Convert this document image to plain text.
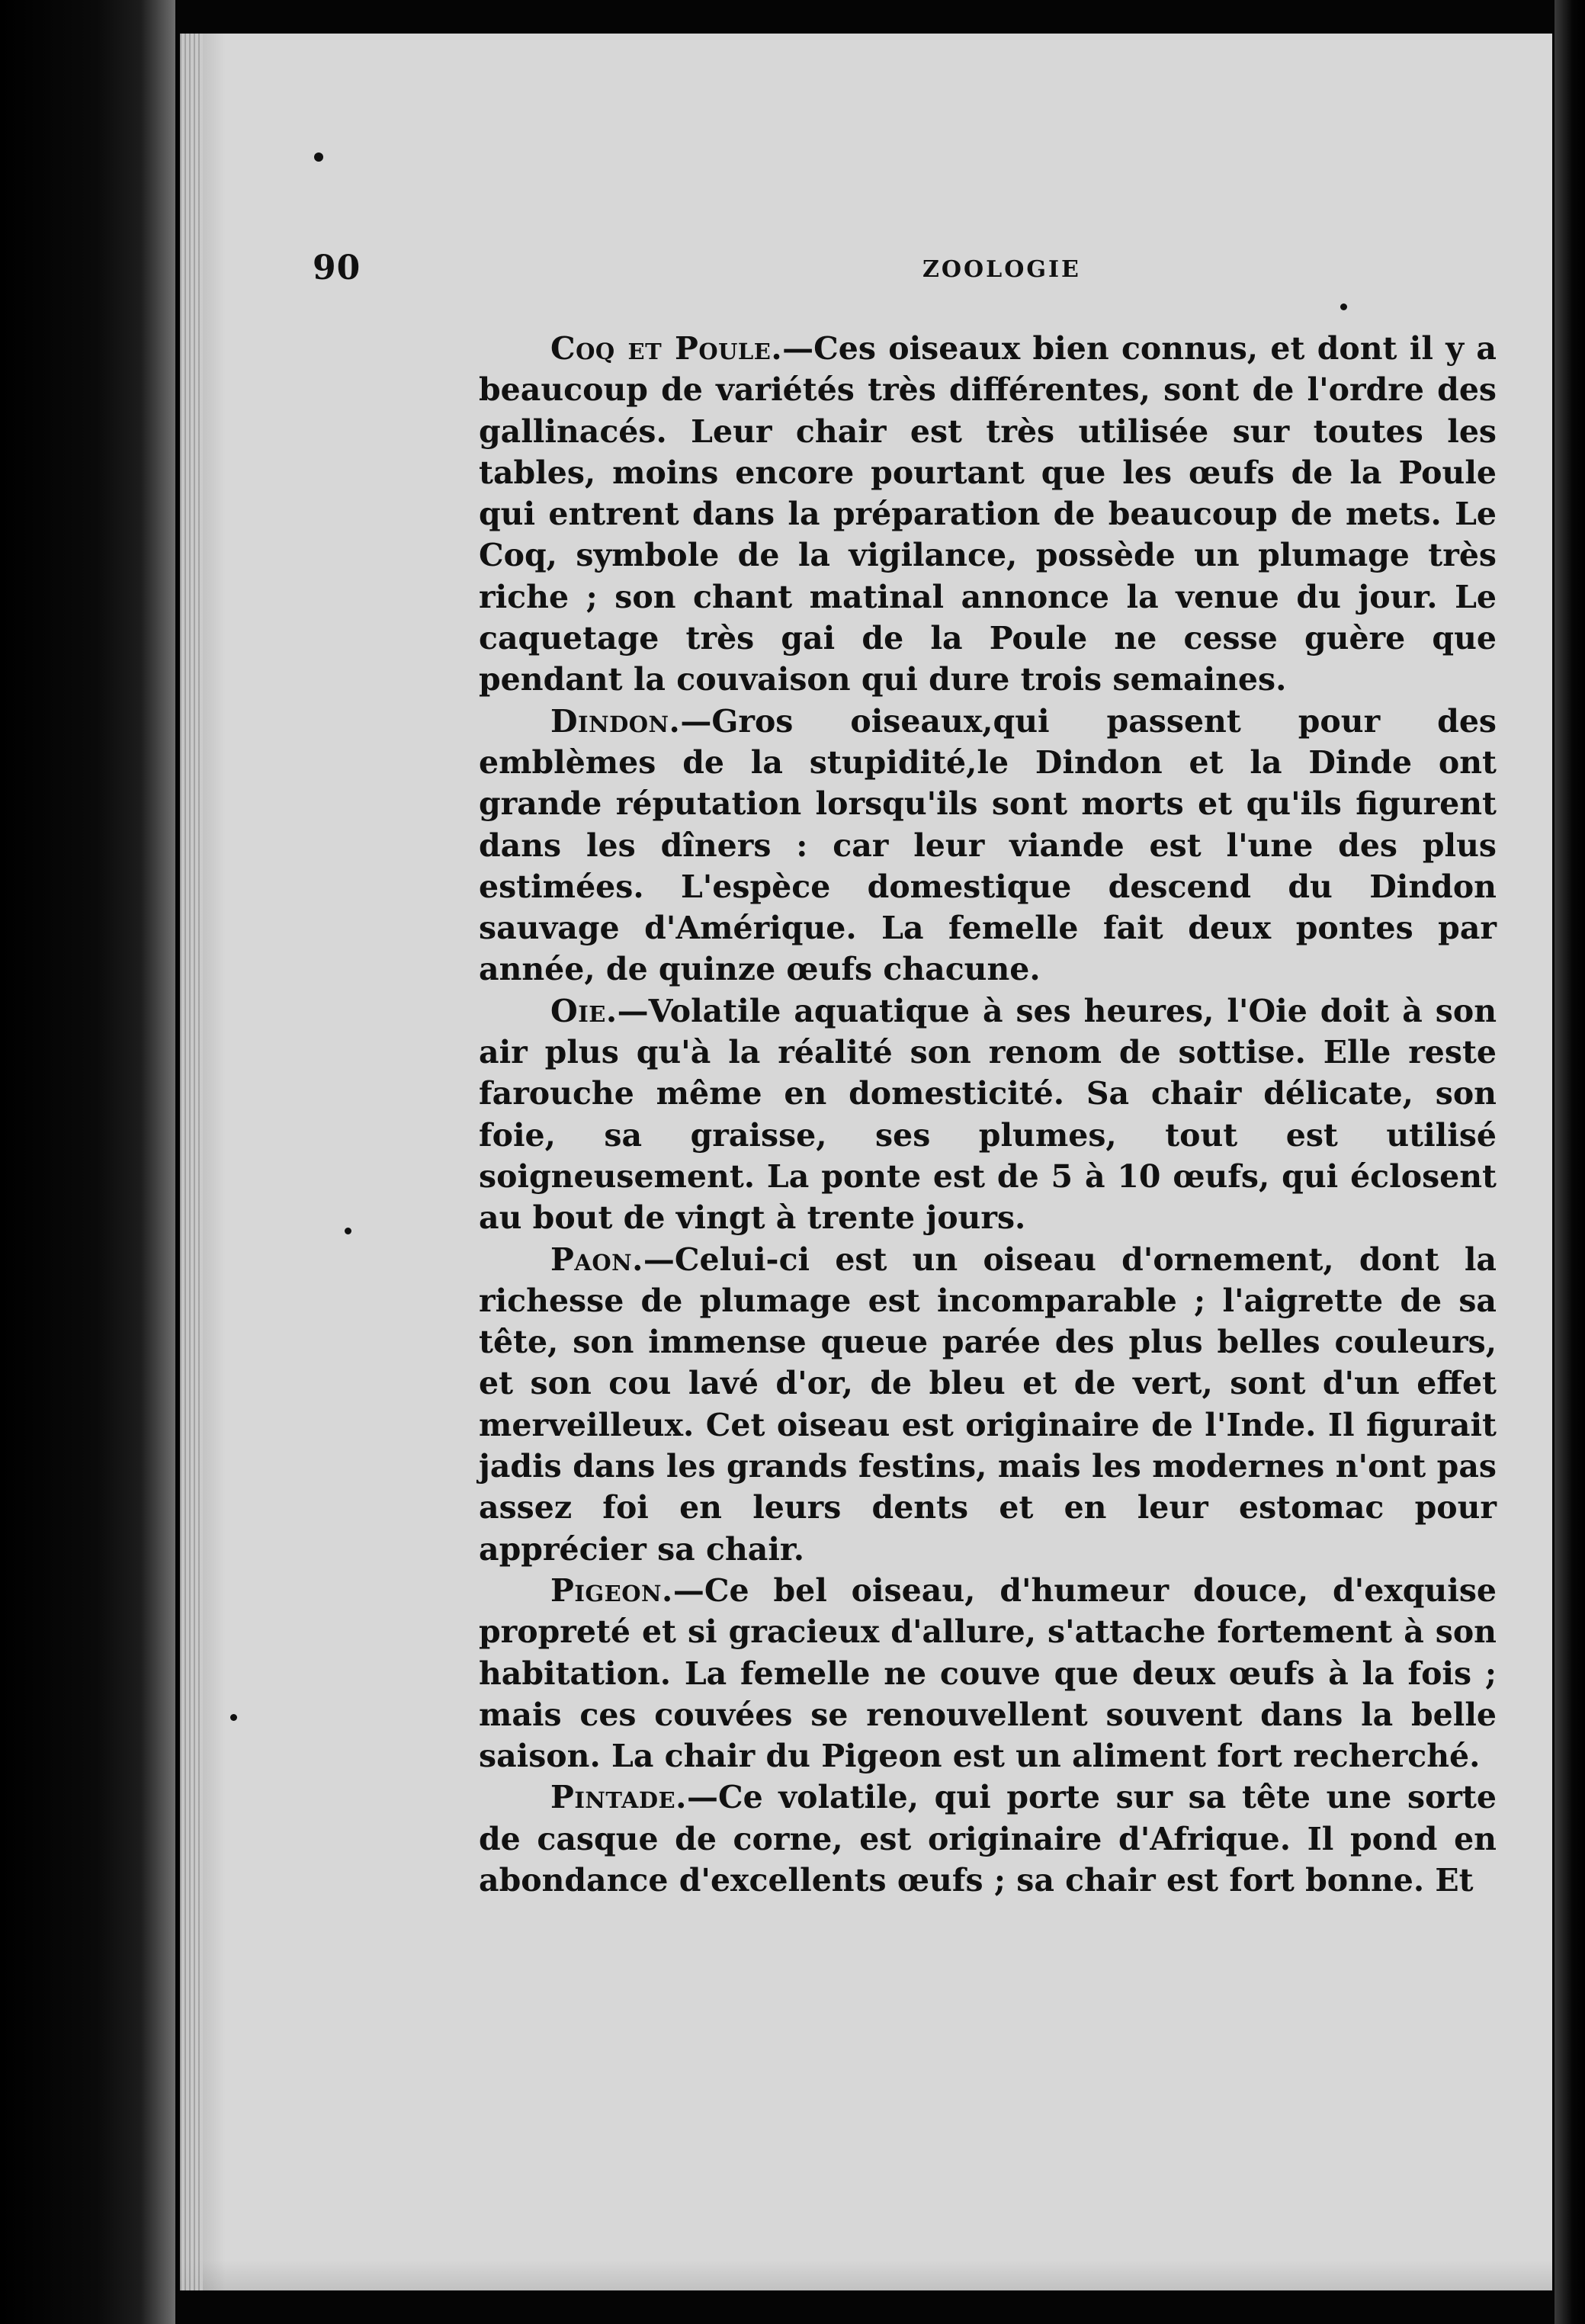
90	ZOOLOGIE

Coq et Poule.—Ces oiseaux bien connus, et dont il y a beaucoup de variétés très différentes, sont de l'ordre des gallinacés. Leur chair est très utilisée sur toutes les tables, moins encore pourtant que les œufs de la Poule qui entrent dans la préparation de beaucoup de mets. Le Coq, symbole de la vigilance, possède un plumage très riche ; son chant matinal annonce la venue du jour. Le caquetage très gai de la Poule ne cesse guère que pendant la couvaison qui dure trois semaines.

Dindon.—Gros oiseaux,qui passent pour des emblèmes de la stupidité,le Dindon et la Dinde ont grande réputation lorsqu'ils sont morts et qu'ils figurent dans les dîners : car leur viande est l'une des plus estimées. L'espèce domestique descend du Dindon sauvage d'Amérique. La femelle fait deux pontes par année, de quinze œufs chacune.

Oie.—Volatile aquatique à ses heures, l'Oie doit à son air plus qu'à la réalité son renom de sottise. Elle reste farouche même en domesticité. Sa chair délicate, son foie, sa graisse, ses plumes, tout est utilisé soigneusement. La ponte est de 5 à 10 œufs, qui éclosent au bout de vingt à trente jours.

Paon.—Celui-ci est un oiseau d'ornement, dont la richesse de plumage est incomparable ; l'aigrette de sa tête, son immense queue parée des plus belles couleurs, et son cou lavé d'or, de bleu et de vert, sont d'un effet merveilleux. Cet oiseau est originaire de l'Inde. Il figurait jadis dans les grands festins, mais les modernes n'ont pas assez foi en leurs dents et en leur estomac pour apprécier sa chair.

Pigeon.—Ce bel oiseau, d'humeur douce, d'exquise propreté et si gracieux d'allure, s'attache fortement à son habitation. La femelle ne couve que deux œufs à la fois ; mais ces couvées se renouvellent souvent dans la belle saison. La chair du Pigeon est un aliment fort recherché.

Pintade.—Ce volatile, qui porte sur sa tête une sorte de casque de corne, est originaire d'Afrique. Il pond en abondance d'excellents œufs ; sa chair est fort bonne. Et
